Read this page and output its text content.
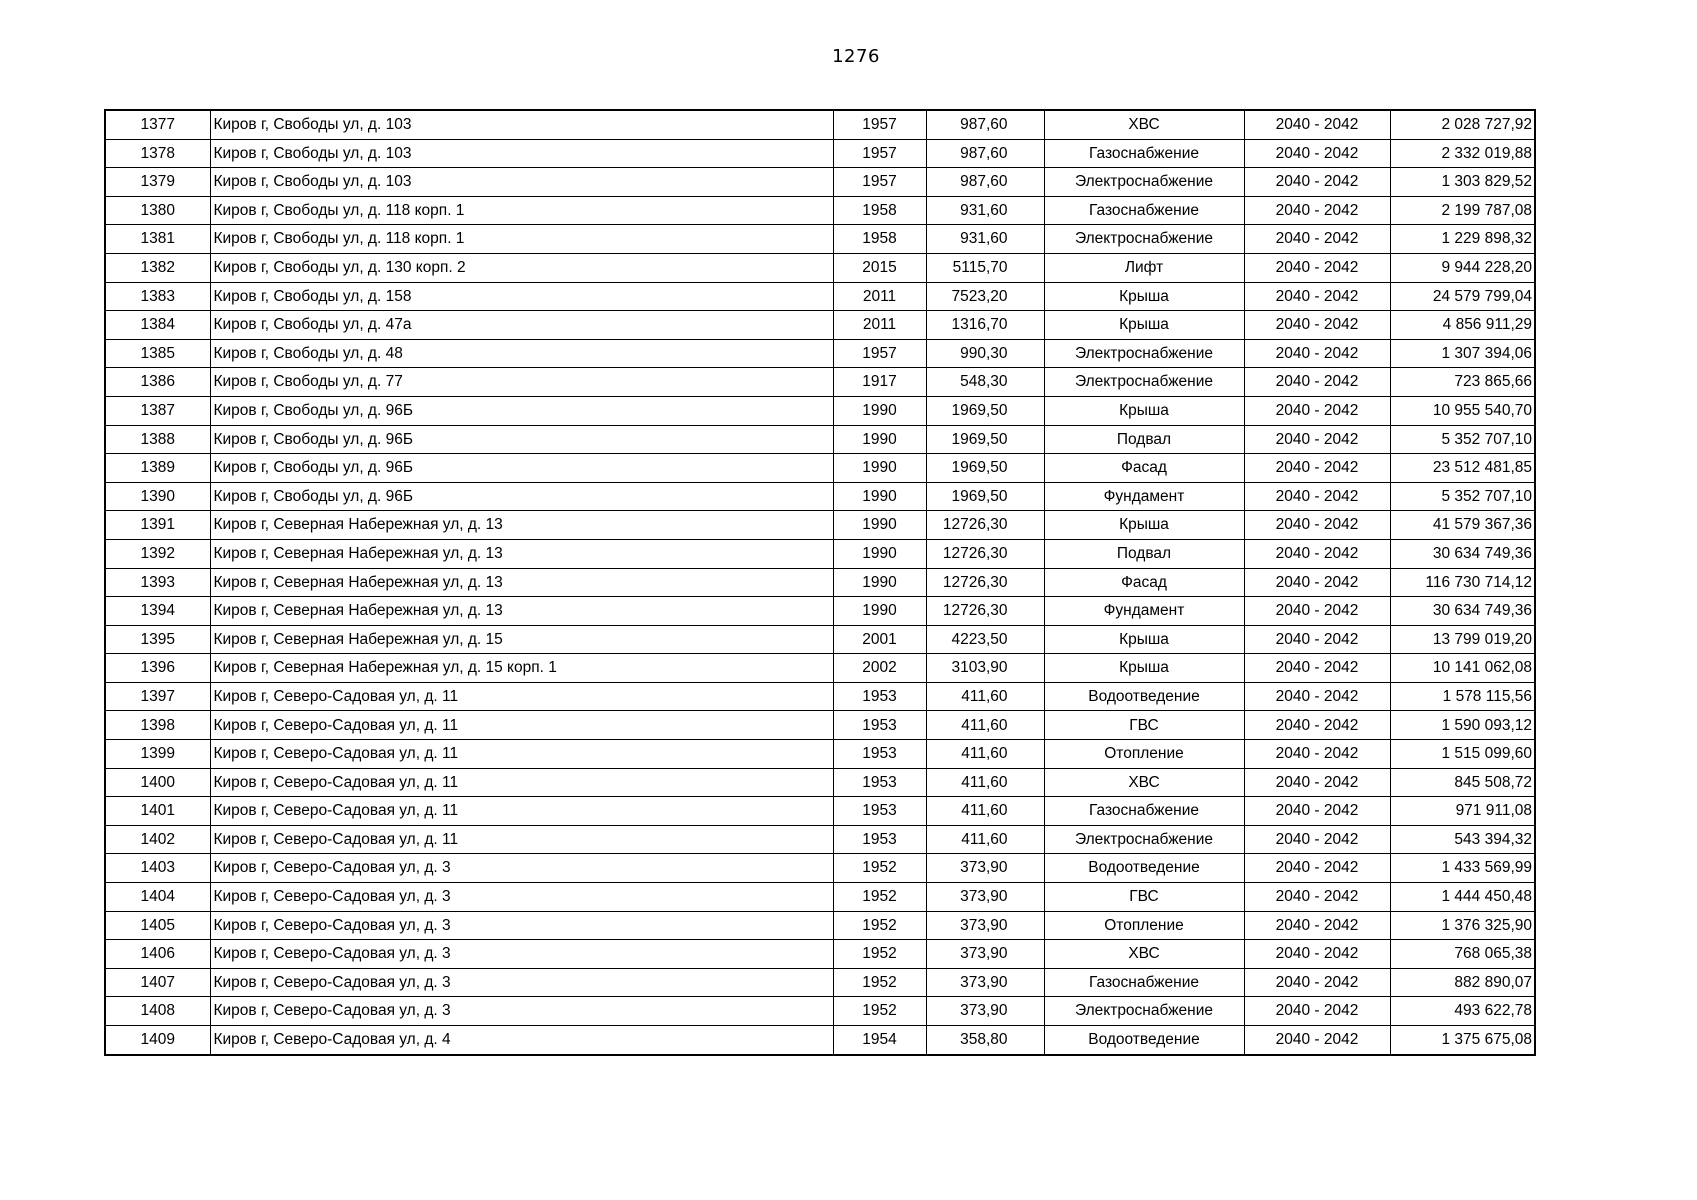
1276
1377	Киров г, Свободы ул, д. 103	1957	987,60	ХВС	2040 - 2042	2 028 727,92
1378	Киров г, Свободы ул, д. 103	1957	987,60	Газоснабжение	2040 - 2042	2 332 019,88
1379	Киров г, Свободы ул, д. 103	1957	987,60	Электроснабжение	2040 - 2042	1 303 829,52
1380	Киров г, Свободы ул, д. 118 корп. 1	1958	931,60	Газоснабжение	2040 - 2042	2 199 787,08
1381	Киров г, Свободы ул, д. 118 корп. 1	1958	931,60	Электроснабжение	2040 - 2042	1 229 898,32
1382	Киров г, Свободы ул, д. 130 корп. 2	2015	5115,70	Лифт	2040 - 2042	9 944 228,20
1383	Киров г, Свободы ул, д. 158	2011	7523,20	Крыша	2040 - 2042	24 579 799,04
1384	Киров г, Свободы ул, д. 47а	2011	1316,70	Крыша	2040 - 2042	4 856 911,29
1385	Киров г, Свободы ул, д. 48	1957	990,30	Электроснабжение	2040 - 2042	1 307 394,06
1386	Киров г, Свободы ул, д. 77	1917	548,30	Электроснабжение	2040 - 2042	723 865,66
1387	Киров г, Свободы ул, д. 96Б	1990	1969,50	Крыша	2040 - 2042	10 955 540,70
1388	Киров г, Свободы ул, д. 96Б	1990	1969,50	Подвал	2040 - 2042	5 352 707,10
1389	Киров г, Свободы ул, д. 96Б	1990	1969,50	Фасад	2040 - 2042	23 512 481,85
1390	Киров г, Свободы ул, д. 96Б	1990	1969,50	Фундамент	2040 - 2042	5 352 707,10
1391	Киров г, Северная Набережная ул, д. 13	1990	12726,30	Крыша	2040 - 2042	41 579 367,36
1392	Киров г, Северная Набережная ул, д. 13	1990	12726,30	Подвал	2040 - 2042	30 634 749,36
1393	Киров г, Северная Набережная ул, д. 13	1990	12726,30	Фасад	2040 - 2042	116 730 714,12
1394	Киров г, Северная Набережная ул, д. 13	1990	12726,30	Фундамент	2040 - 2042	30 634 749,36
1395	Киров г, Северная Набережная ул, д. 15	2001	4223,50	Крыша	2040 - 2042	13 799 019,20
1396	Киров г, Северная Набережная ул, д. 15 корп. 1	2002	3103,90	Крыша	2040 - 2042	10 141 062,08
1397	Киров г, Северо-Садовая ул, д. 11	1953	411,60	Водоотведение	2040 - 2042	1 578 115,56
1398	Киров г, Северо-Садовая ул, д. 11	1953	411,60	ГВС	2040 - 2042	1 590 093,12
1399	Киров г, Северо-Садовая ул, д. 11	1953	411,60	Отопление	2040 - 2042	1 515 099,60
1400	Киров г, Северо-Садовая ул, д. 11	1953	411,60	ХВС	2040 - 2042	845 508,72
1401	Киров г, Северо-Садовая ул, д. 11	1953	411,60	Газоснабжение	2040 - 2042	971 911,08
1402	Киров г, Северо-Садовая ул, д. 11	1953	411,60	Электроснабжение	2040 - 2042	543 394,32
1403	Киров г, Северо-Садовая ул, д. 3	1952	373,90	Водоотведение	2040 - 2042	1 433 569,99
1404	Киров г, Северо-Садовая ул, д. 3	1952	373,90	ГВС	2040 - 2042	1 444 450,48
1405	Киров г, Северо-Садовая ул, д. 3	1952	373,90	Отопление	2040 - 2042	1 376 325,90
1406	Киров г, Северо-Садовая ул, д. 3	1952	373,90	ХВС	2040 - 2042	768 065,38
1407	Киров г, Северо-Садовая ул, д. 3	1952	373,90	Газоснабжение	2040 - 2042	882 890,07
1408	Киров г, Северо-Садовая ул, д. 3	1952	373,90	Электроснабжение	2040 - 2042	493 622,78
1409	Киров г, Северо-Садовая ул, д. 4	1954	358,80	Водоотведение	2040 - 2042	1 375 675,08
